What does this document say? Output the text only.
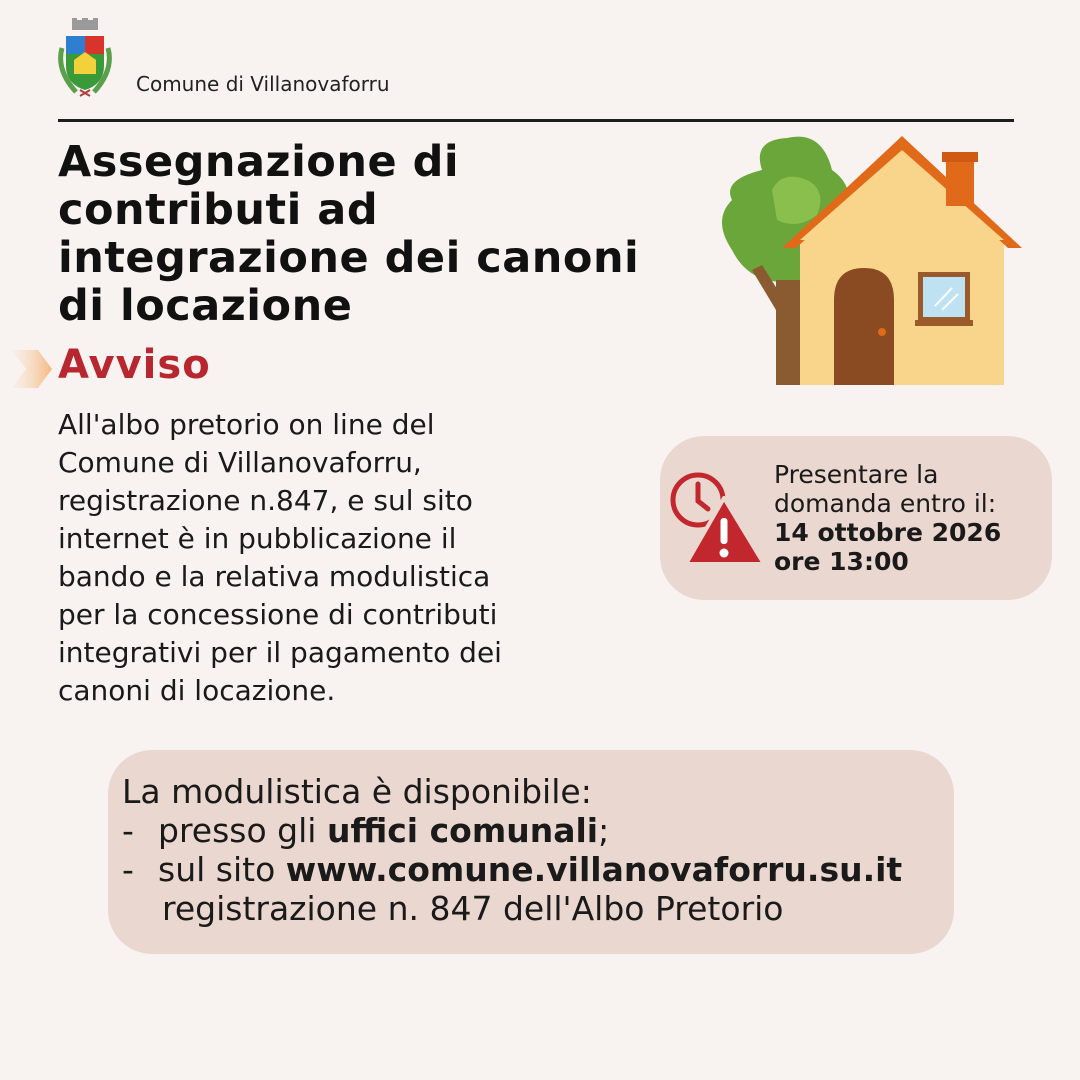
Comune di Villanovaforru
Assegnazione di
contributi ad
integrazione dei canoni
di locazione
Avviso
All'albo pretorio on line del
Comune di Villanovaforru,
registrazione n.847, e sul sito
internet è in pubblicazione il
bando e la relativa modulistica
per la concessione di contributi
integrativi per il pagamento dei
canoni di locazione.
Presentare la
domanda entro il:
14 ottobre 2026
ore 13:00
La modulistica è disponibile:
- presso gli uffici comunali;
- sul sito www.comune.villanovaforru.su.it
registrazione n. 847 dell'Albo Pretorio
